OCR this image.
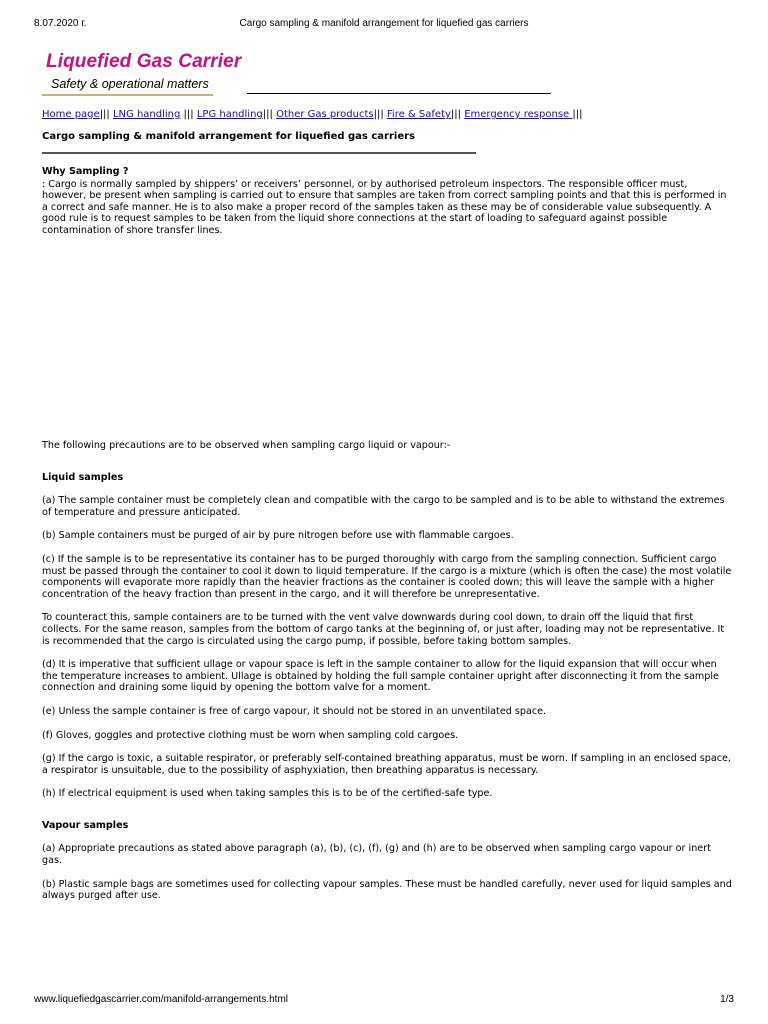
8.07.2020 г.	Cargo sampling & manifold arrangement for liquefied gas carriers
Liquefied Gas Carrier
Safety & operational matters
Home page||| LNG handling ||| LPG handling||| Other Gas products||| Fire & Safety||| Emergency response |||
Cargo sampling & manifold arrangement for liquefied gas carriers

Why Sampling ?

: Cargo is normally sampled by shippers’ or receivers’ personnel, or by authorised petroleum inspectors. The responsible officer must, however, be present when sampling is carried out to ensure that samples are taken from correct sampling points and that this is performed in a correct and safe manner. He is to also make a proper record of the samples taken as these may be of considerable value subsequently. A good rule is to request samples to be taken from the liquid shore connections at the start of loading to safeguard against possible contamination of shore transfer lines.

The following precautions are to be observed when sampling cargo liquid or vapour:-

Liquid samples

(a) The sample container must be completely clean and compatible with the cargo to be sampled and is to be able to withstand the extremes of temperature and pressure anticipated.

(b) Sample containers must be purged of air by pure nitrogen before use with flammable cargoes.

(c) If the sample is to be representative its container has to be purged thoroughly with cargo from the sampling connection. Sufficient cargo must be passed through the container to cool it down to liquid temperature. If the cargo is a mixture (which is often the case) the most volatile components will evaporate more rapidly than the heavier fractions as the container is cooled down; this will leave the sample with a higher concentration of the heavy fraction than present in the cargo, and it will therefore be unrepresentative.

To counteract this, sample containers are to be turned with the vent valve downwards during cool down, to drain off the liquid that first collects. For the same reason, samples from the bottom of cargo tanks at the beginning of, or just after, loading may not be representative. It is recommended that the cargo is circulated using the cargo pump, if possible, before taking bottom samples.

(d) It is imperative that sufficient ullage or vapour space is left in the sample container to allow for the liquid expansion that will occur when the temperature increases to ambient. Ullage is obtained by holding the full sample container upright after disconnecting it from the sample connection and draining some liquid by opening the bottom valve for a moment.

(e) Unless the sample container is free of cargo vapour, it should not be stored in an unventilated space.

(f) Gloves, goggles and protective clothing must be worn when sampling cold cargoes.

(g) If the cargo is toxic, a suitable respirator, or preferably self-contained breathing apparatus, must be worn. If sampling in an enclosed space, a respirator is unsuitable, due to the possibility of asphyxiation, then breathing apparatus is necessary.

(h) If electrical equipment is used when taking samples this is to be of the certified-safe type.

Vapour samples

(a) Appropriate precautions as stated above paragraph (a), (b), (c), (f), (g) and (h) are to be observed when sampling cargo vapour or inert gas.

(b) Plastic sample bags are sometimes used for collecting vapour samples. These must be handled carefully, never used for liquid samples and always purged after use.

www.liquefiedgascarrier.com/manifold-arrangements.html	1/3
